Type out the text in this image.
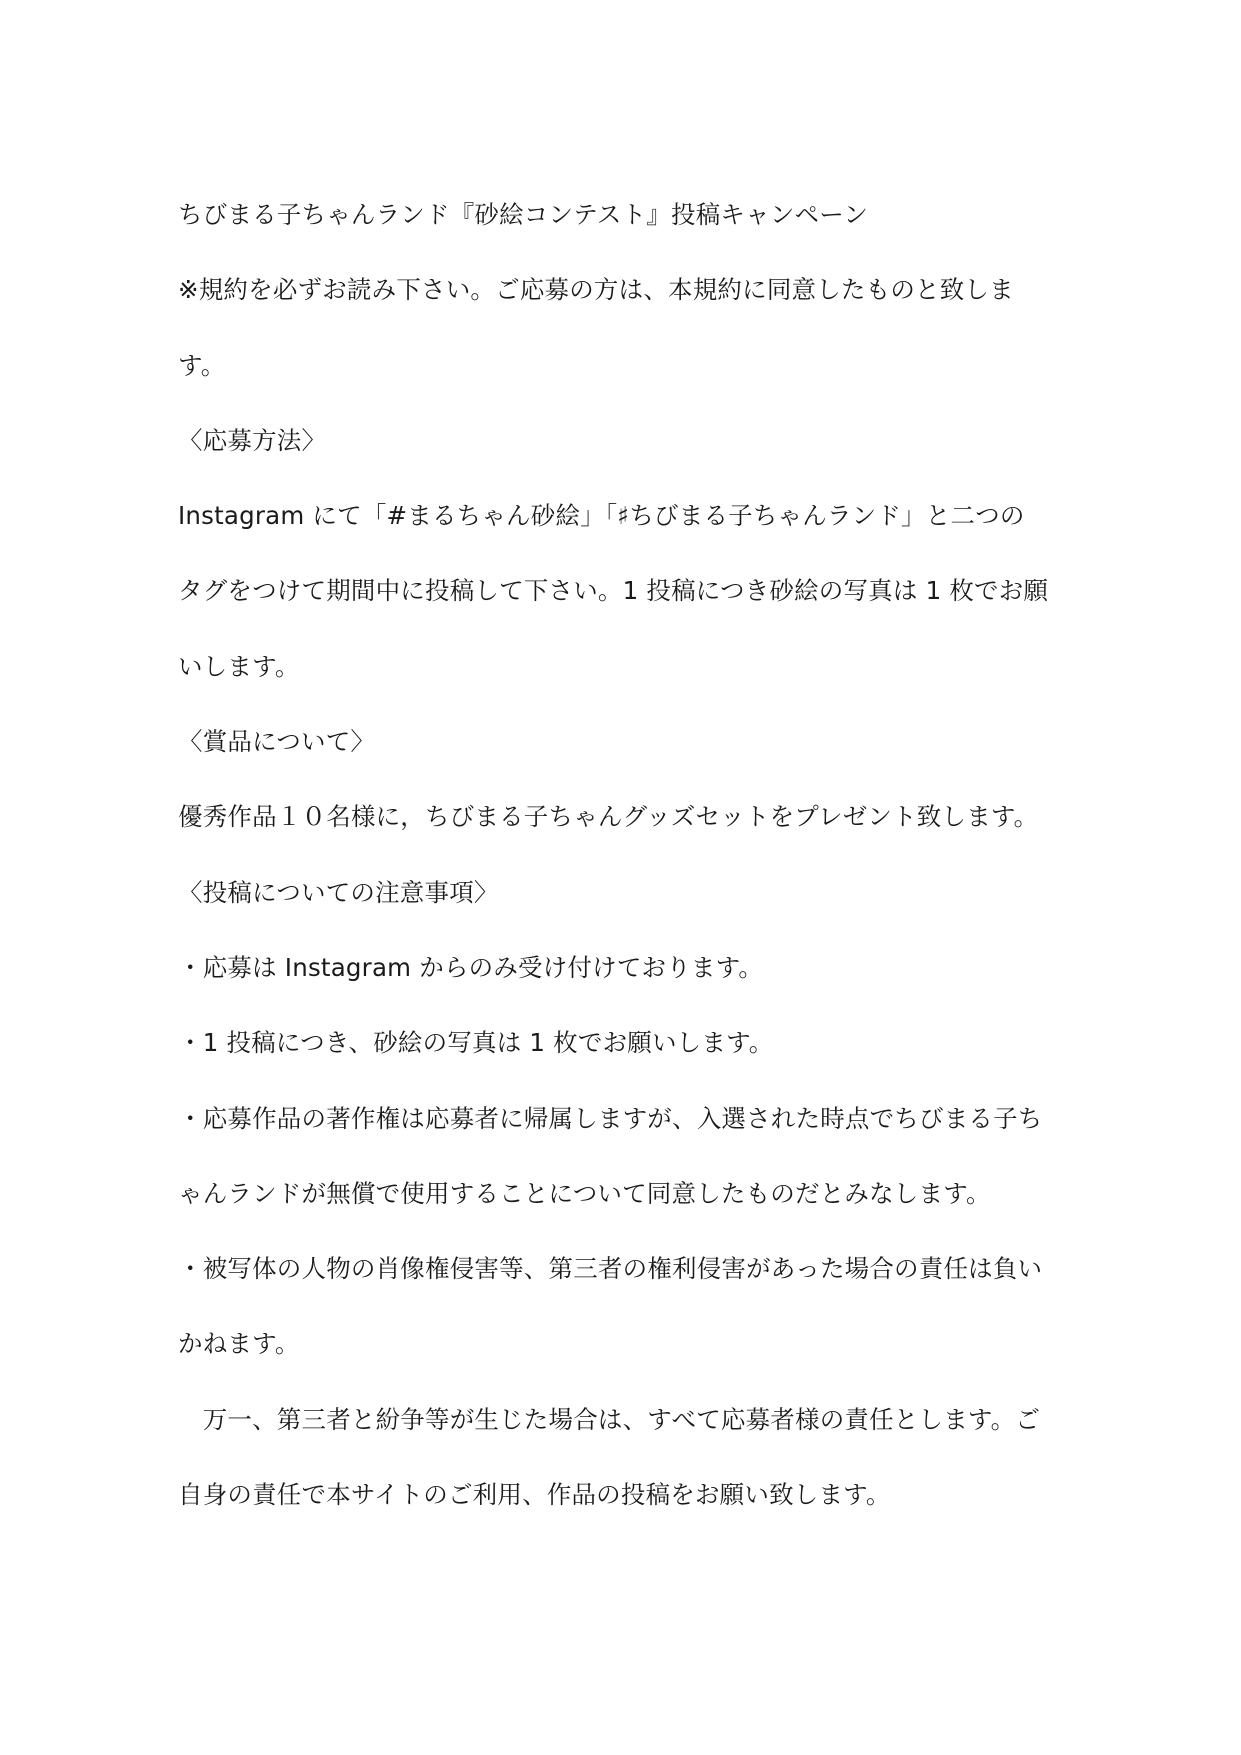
ちびまる子ちゃんランド『砂絵コンテスト』投稿キャンペーン
※規約を必ずお読み下さい。ご応募の方は、本規約に同意したものと致しま
す。
〈応募方法〉
Instagram にて「#まるちゃん砂絵」「♯ちびまる子ちゃんランド」と二つの
タグをつけて期間中に投稿して下さい。1 投稿につき砂絵の写真は 1 枚でお願
いします。
〈賞品について〉
優秀作品１０名様に，ちびまる子ちゃんグッズセットをプレゼント致します。
〈投稿についての注意事項〉
・応募は Instagram からのみ受け付けております。
・1 投稿につき、砂絵の写真は 1 枚でお願いします。
・応募作品の著作権は応募者に帰属しますが、入選された時点でちびまる子ち
ゃんランドが無償で使用することについて同意したものだとみなします。
・被写体の人物の肖像権侵害等、第三者の権利侵害があった場合の責任は負い
かねます。
　万一、第三者と紛争等が生じた場合は、すべて応募者様の責任とします。ご
自身の責任で本サイトのご利用、作品の投稿をお願い致します。
